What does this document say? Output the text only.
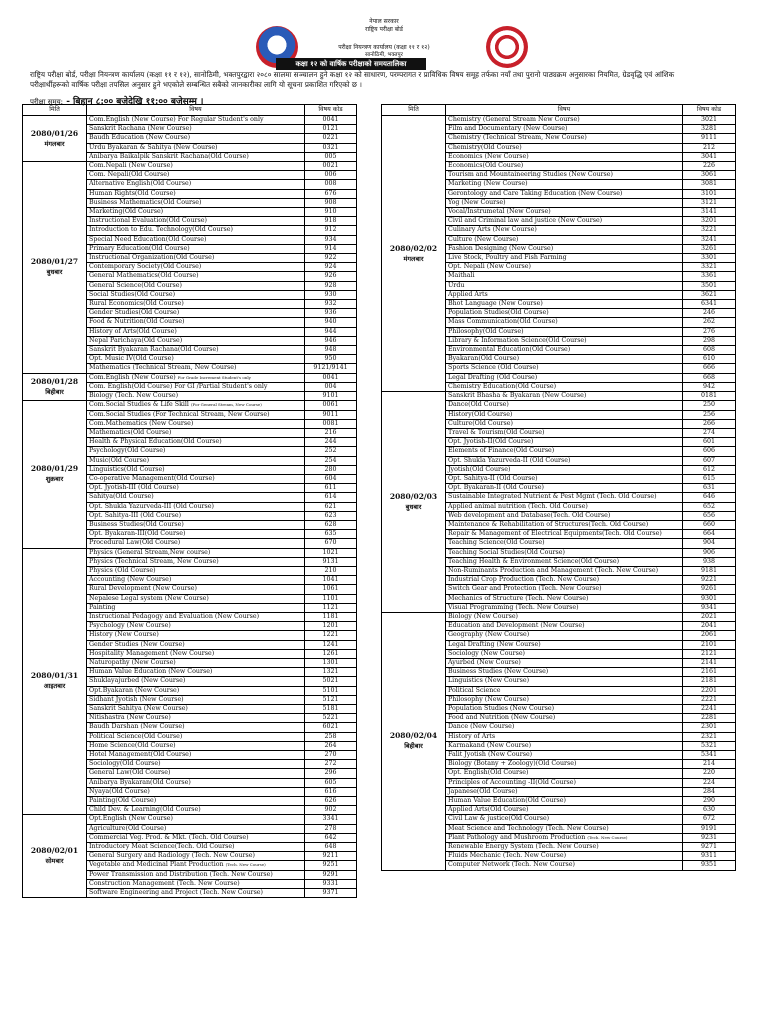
नेपाल सरकार
राष्ट्रिय परीक्षा बोर्ड
परीक्षा नियन्त्रण कार्यालय (कक्षा ११ र १२)
सानोठिमी, भक्तपुर
कक्षा १२ को वार्षिक परीक्षाको समयतालिका
राष्ट्रिय परीक्षा बोर्ड, परीक्षा नियन्त्रण कार्यालय (कक्षा ११ र १२), सानोठिमी, भक्तपुरद्वारा २०८० सालमा सञ्चालन हुने कक्षा १२ को साधारण, परम्परागत र प्राविधिक विषय समूह तर्फका नयाँ तथा पुरानो पाठ्यक्रम अनुसारका नियमित, ग्रेडवृद्धि एवं आंशिक परीक्षार्थीहरूको वार्षिक परीक्षा तपसिल अनुसार हुने भएकोले सम्बन्धित सबैको जानकारीका लागि यो सूचना प्रकाशित गरिएको छ ।
परीक्षा समय: - बिहान ८:०० बजेदेखि ११:०० बजेसम्म ।
मिति	विषय	विषय कोड

2080/01/26
मंगलबार	Com.English (New Course) For Regular Student's only	0041
	Sanskrit Rachana (New Course)	0121
	Baudh Education (New Course)	0221
	Urdu Byakaran & Sahitya (New Course)	0321
	Anibarya Baikalpik Sanskrit Rachana(Old Course)	005

2080/01/27
बुधबार	Com.Nepali (New Course)	0021
	Com. Nepali(Old Course)	006
	Alternative English(Old Course)	008
	Human Rights(Old Course)	676
	Business Mathematics(Old Course)	908
	Marketing(Old Course)	910
	Instructional Evaluation(Old Course)	918
	Introduction to Edu. Technology(Old Course)	912
	Special Need Education(Old Course)	934
	Primary Education(Old Course)	914
	Instructional Organization(Old Course)	922
	Contemporary Society(Old Course)	924
	General Mathematics(Old Course)	926
	General Science(Old Course)	928
	Social Studies(Old Course)	930
	Rural Economics(Old Course)	932
	Gender Studies(Old Course)	936
	Food & Nutrition(Old Course)	940
	History of Arts(Old Course)	944
	Nepal Parichaya(Old Course)	946
	Sanskrit Byakaran Rachana(Old Course)	948
	Opt. Music IV(Old Course)	950
	Mathematics (Technical Stream, New Course)	9121/9141

2080/01/28
बिहीबार	Com.English (New Course) For Grade Increment Student's only	0041
	Com. English(Old Course) For GI /Partial Student's only	004
	Biology (Tech. New Course)	9101

2080/01/29
शुक्रबार	Com.Social Studies & Life Skill (For General Stream, New Course)	0061
	Com.Social Studies (For Technical Stream, New Course)	9011
	Com.Mathematics (New Course)	0081
	Mathematics(Old Course)	216
	Health & Physical Education(Old Course)	244
	Psychology(Old Course)	252
	Music(Old Course)	254
	Linguistics(Old Course)	280
	Co-operative Management(Old Course)	604
	Opt. Jyotish-III (Old Course)	611
	Sahitya(Old Course)	614
	Opt. Shukla Yazurveda-III (Old Course)	621
	Opt. Sahitya-III (Old Course)	623
	Business Studies(Old Course)	628
	Opt. Byakaran-III(Old Course)	635
	Procedural Law(Old Course)	670

2080/01/31
आइतबार	Physics (General Stream,New course)	1021
	Physics (Technical Stream, New Course)	9131
	Physics (Old Course)	210
	Accounting (New Course)	1041
	Rural Development (New Course)	1061
	Nepalese Legal system (New Course)	1101
	Painting	1121
	Instructional Pedagogy and Evaluation (New Course)	1181
	Psychology (New Course)	1201
	History (New Course)	1221
	Gender Studies (New Course)	1241
	Hospitality Management (New Course)	1261
	Naturopathy (New Course)	1301
	Human Value Education (New Course)	1321
	Shuklayajurbed (New Course)	5021
	Opt.Byakaran (New Course)	5101
	Sidhant Jyotish (New Course)	5121
	Sanskrit Sahitya (New Course)	5181
	Nitishastra (New Course)	5221
	Baudh Darshan (New Course)	6021
	Political Science(Old Course)	258
	Home Science(Old Course)	264
	Hotel Management(Old Course)	270
	Sociology(Old Course)	272
	General Law(Old Course)	296
	Anibarya Byakaran(Old Course)	605
	Nyaya(Old Course)	616
	Painting(Old Course)	626
	Child Dev. & Learning(Old Course)	902

2080/02/01
सोमबार	Opt.English (New Course)	3341
	Agriculture(Old Course)	278
	Commercial Veg. Prod. & Mkt. (Tech. Old Course)	642
	Introductory Meat Science(Tech. Old Course)	648
	General Surgery and Radiology (Tech. New Course)	9211
	Vegetable and Medicinal Plant Production (Tech. New Course)	9251
	Power Transmission and Distribution (Tech. New Course)	9291
	Construction Management (Tech. New Course)	9331
	Software Engineering and Project (Tech. New Course)	9371
मिति	विषय	विषय कोड

2080/02/02
मंगलबार	Chemistry (General Stream New Course)	3021
	Film and Documentary (New Course)	3281
	Chemistry (Technical Stream, New Course)	9111
	Chemistry(Old Course)	212
	Economics (New Course)	3041
	Economics(Old Course)	226
	Tourism and Mountaineering Studies (New Course)	3061
	Marketing (New Course)	3081
	Gerontology and Care Taking Education (New Course)	3101
	Yog (New Course)	3121
	Vocal/Instrumetal (New Course)	3141
	Civil and Criminal law and justice (New Course)	3201
	Culinary Arts (New Course)	3221
	Culture (New Course)	3241
	Fashion Designing (New Course)	3261
	Live Stock, Poultry and Fish Farming	3301
	Opt. Nepali (New Course)	3321
	Maithali	3361
	Urdu	3501
	Applied Arts	3621
	Bhot Language (New Course)	6341
	Population Studies(Old Course)	246
	Mass Communication(Old Course)	262
	Philosophy(Old Course)	276
	Library & Information Science(Old Course)	298
	Environmental Education(Old Course)	608
	Byakaran(Old Course)	610
	Sports Science (Old Course)	666
	Legal Drafting (Old Course)	668
	Chemistry Education(Old Course)	942

2080/02/03
बुधबार	Sanskrit Bhasha & Byakaran (New Course)	0181
	Dance(Old Course)	250
	History(Old Course)	256
	Culture(Old Course)	266
	Travel & Tourism(Old Course)	274
	Opt. Jyotish-II(Old Course)	601
	Elements of Finance(Old Course)	606
	Opt. Shukla Yazurveda-II (Old Course)	607
	Jyotish(Old Course)	612
	Opt. Sahitya-II (Old Course)	615
	Opt. Byakaran-II (Old Course)	631
	Sustainable Integrated Nutrient & Pest Mgmt (Tech. Old Course)	646
	Applied animal nutrition (Tech. Old Course)	652
	Web development and Database(Tech. Old Course)	656
	Maintenance & Rehabilitation of Structures(Tech. Old Course)	660
	Repair & Management of Electrical Equipments(Tech. Old Course)	664
	Teaching Science(Old Course)	904
	Teaching Social Studies(Old Course)	906
	Teaching Health & Environment Science(Old Course)	938
	Non-Ruminants Production and Management (Tech. New Course)	9181
	Industrial Crop Production (Tech. New Course)	9221
	Switch Gear and Protection (Tech. New Course)	9261
	Mechanics of Structure (Tech. New Course)	9301
	Visual Programming (Tech. New Course)	9341

2080/02/04
बिहीबार	Biology (New Course)	2021
	Education and Development (New Course)	2041
	Geography (New Course)	2061
	Legal Drafting (New Course)	2101
	Sociology (New Course)	2121
	Ayurbed (New Course)	2141
	Business Studies (New Course)	2161
	Linguistics (New Course)	2181
	Political Science	2201
	Philosophy (New Course)	2221
	Population Studies (New Course)	2241
	Food and Nutrition (New Course)	2281
	Dance (New Course)	2301
	History of Arts	2321
	Karmakand (New Course)	5321
	Falit Jyotish (New Course)	5341
	Biology (Botany + Zoology)(Old Course)	214
	Opt. English(Old Course)	220
	Principles of Accounting -II(Old Course)	224
	Japanese(Old Course)	284
	Human Value Education(Old Course)	290
	Applied Arts(Old Course)	630
	Civil Law & justice(Old Course)	672
	Meat Science and Technology (Tech. New Course)	9191
	Plant Pathology and Mushroom Production (Tech. New Course)	9231
	Renewable Energy System (Tech. New Course)	9271
	Fluids Mechanic (Tech. New Course)	9311
	Computer Network (Tech. New Course)	9351
